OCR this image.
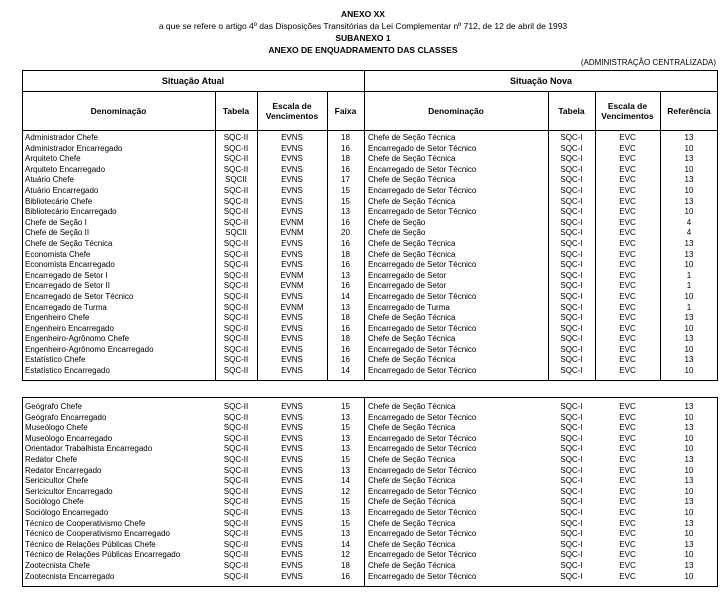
ANEXO XX
a que se refere o artigo 4º das Disposições Transitórias da Lei Complementar nº 712, de 12 de abril de 1993
SUBANEXO 1
ANEXO DE ENQUADRAMENTO DAS CLASSES
(ADMINISTRAÇÃO CENTRALIZADA)
Situação Atual	Situação Nova
Denominação	Tabela	Escala de Vencimentos	Faixa	Denominação	Tabela	Escala de Vencimentos	Referência
Administrador Chefe	SQC-II	EVNS	18	Chefe de Seção Técnica	SQC-I	EVC	13
Administrador Encarregado	SQC-II	EVNS	16	Encarregado de Setor Técnico	SQC-I	EVC	10
Arquiteto Chefe	SQC-II	EVNS	18	Chefe de Seção Técnica	SQC-I	EVC	13
Arquiteto Encarregado	SQC-II	EVNS	16	Encarregado de Setor Técnico	SQC-I	EVC	10
Atuário Chefe	SQCII	EVNS	17	Chefe de Seção Técnica	SQC-I	EVC	13
Atuário Encarregado	SQC-II	EVNS	15	Encarregado de Setor Técnico	SQC-I	EVC	10
Bibliotecário Chefe	SQC-II	EVNS	15	Chefe de Seção Técnica	SQC-I	EVC	13
Bibliotecário Encarregado	SQC-II	EVNS	13	Encarregado de Setor Técnico	SQC-I	EVC	10
Chefe de Seção I	SQC-II	EVNM	16	Chefe de Seção	SQC-I	EVC	4
Chefe de Seção II	SQCII	EVNM	20	Chefe de Seção	SQC-I	EVC	4
Chefe de Seção Técnica	SQC-II	EVNS	16	Chefe de Seção Técnica	SQC-I	EVC	13
Economista Chefe	SQC-II	EVNS	18	Chefe de Seção Técnica	SQC-I	EVC	13
Economista Encarregado	SQC-II	EVNS	16	Encarregado de Setor Técnico	SQC-I	EVC	10
Encarregado de Setor I	SQC-II	EVNM	13	Encarregado de Setor	SQC-I	EVC	1
Encarregado de Setor II	SQC-II	EVNM	16	Encarregado de Setor	SQC-I	EVC	1
Encarregado de Setor Técnico	SQC-II	EVNS	14	Encarregado de Setor Técnico	SQC-I	EVC	10
Encarregado de Turma	SQC-II	EVNM	13	Encarregado de Turma	SQC-I	EVC	1
Engenheiro Chefe	SQC-II	EVNS	18	Chefe de Seção Técnica	SQC-I	EVC	13
Engenheiro Encarregado	SQC-II	EVNS	16	Encarregado de Setor Técnico	SQC-I	EVC	10
Engenheiro-Agrônomo Chefe	SQC-II	EVNS	18	Chefe de Seção Técnica	SQC-I	EVC	13
Engenheiro-Agrônomo Encarregado	SQC-II	EVNS	16	Encarregado de Setor Técnico	SQC-I	EVC	10
Estatístico Chefe	SQC-II	EVNS	16	Chefe de Seção Técnica	SQC-I	EVC	13
Estatístico Encarregado	SQC-II	EVNS	14	Encarregado de Setor Técnico	SQC-I	EVC	10
Geógrafo Chefe	SQC-II	EVNS	15	Chefe de Seção Técnica	SQC-I	EVC	13
Geógrafo Encarregado	SQC-II	EVNS	13	Encarregado de Setor Técnico	SQC-I	EVC	10
Museólogo Chefe	SQC-II	EVNS	15	Chefe de Seção Técnica	SQC-I	EVC	13
Museólogo Encarregado	SQC-II	EVNS	13	Encarregado de Setor Técnico	SQC-I	EVC	10
Orientador Trabalhista Encarregado	SQC-II	EVNS	13	Encarregado de Setor Técnico	SQC-I	EVC	10
Redator Chefe	SQC-II	EVNS	15	Chefe de Seção Técnica	SQC-I	EVC	13
Redator Encarregado	SQC-II	EVNS	13	Encarregado de Setor Técnico	SQC-I	EVC	10
Sericicultor Chefe	SQC-II	EVNS	14	Chefe de Seção Técnica	SQC-I	EVC	13
Sericicultor Encarregado	SQC-II	EVNS	12	Encarregado de Setor Técnico	SQC-I	EVC	10
Sociólogo Chefe	SQC-II	EVNS	15	Chefe de Seção Técnica	SQC-I	EVC	13
Sociólogo Encarregado	SQC-II	EVNS	13	Encarregado de Setor Técnico	SQC-I	EVC	10
Técnico de Cooperativismo Chefe	SQC-II	EVNS	15	Chefe de Seção Técnica	SQC-I	EVC	13
Técnico de Cooperativismo Encarregado	SQC-II	EVNS	13	Encarregado de Setor Técnico	SQC-I	EVC	10
Técnico de Relações Públicas Chefe	SQC-II	EVNS	14	Chefe de Seção Técnica	SQC-I	EVC	13
Técnico de Relações Públicas Encarregado	SQC-II	EVNS	12	Encarregado de Setor Técnico	SQC-I	EVC	10
Zootecnista Chefe	SQC-II	EVNS	18	Chefe de Seção Técnica	SQC-I	EVC	13
Zootecnista Encarregado	SQC-II	EVNS	16	Encarregado de Setor Técnico	SQC-I	EVC	10
